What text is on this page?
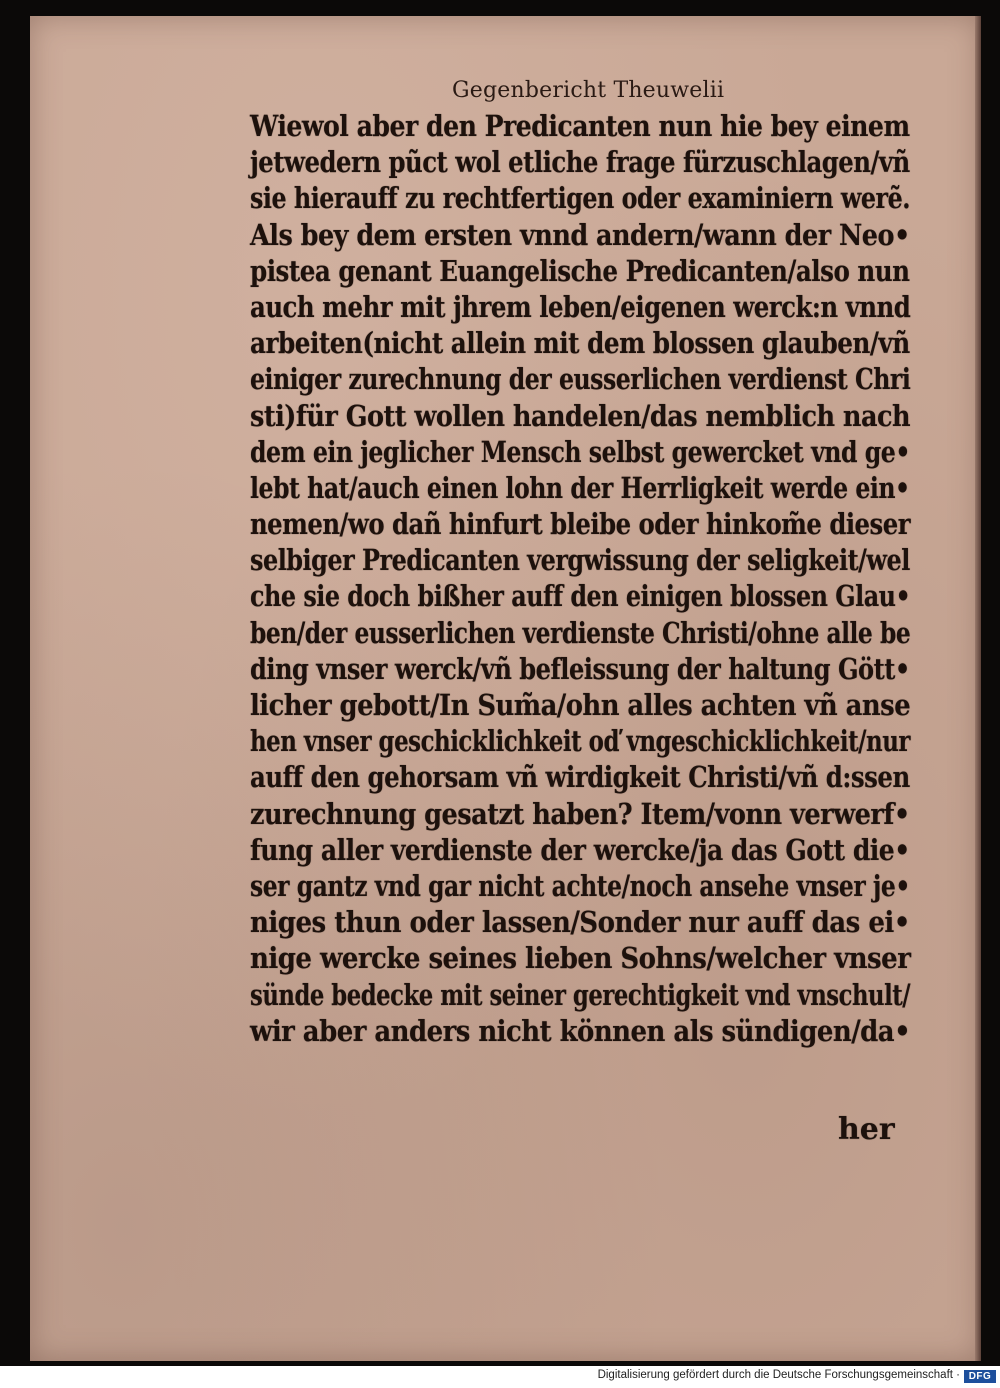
Gegenbericht Theuwelii
Wiewol aber den Predicanten nun hie bey einem
jetwedern pũct wol etliche frage fürzuschlagen/vñ
sie hierauff zu rechtfertigen oder examiniern werẽ.
Als bey dem ersten vnnd andern/wann der Neo•
pistea genant Euangelische Predicanten/also nun
auch mehr mit jhrem leben/eigenen werck:n vnnd
arbeiten(nicht allein mit dem blossen glauben/vñ
einiger zurechnung der eusserlichen verdienst Chri
sti)für Gott wollen handelen/das nemblich nach
dem ein jeglicher Mensch selbst gewercket vnd ge•
lebt hat/auch einen lohn der Herrligkeit werde ein•
nemen/wo dañ hinfurt bleibe oder hinkom̃e dieser
selbiger Predicanten vergwissung der seligkeit/wel
che sie doch bißher auff den einigen blossen Glau•
ben/der eusserlichen verdienste Christi/ohne alle be
ding vnser werck/vñ befleissung der haltung Gött•
licher gebott/In Sum̃a/ohn alles achten vñ anse
hen vnser geschicklichkeit oď vngeschicklichkeit/nur
auff den gehorsam vñ wirdigkeit Christi/vñ d:ssen
zurechnung gesatzt haben? Item/vonn verwerf•
fung aller verdienste der wercke/ja das Gott die•
ser gantz vnd gar nicht achte/noch ansehe vnser je•
niges thun oder lassen/Sonder nur auff das ei•
nige wercke seines lieben Sohns/welcher vnser
sünde bedecke mit seiner gerechtigkeit vnd vnschult/
wir aber anders nicht können als sündigen/da•
her
Digitalisierung gefördert durch die Deutsche Forschungsgemeinschaft · DFG
